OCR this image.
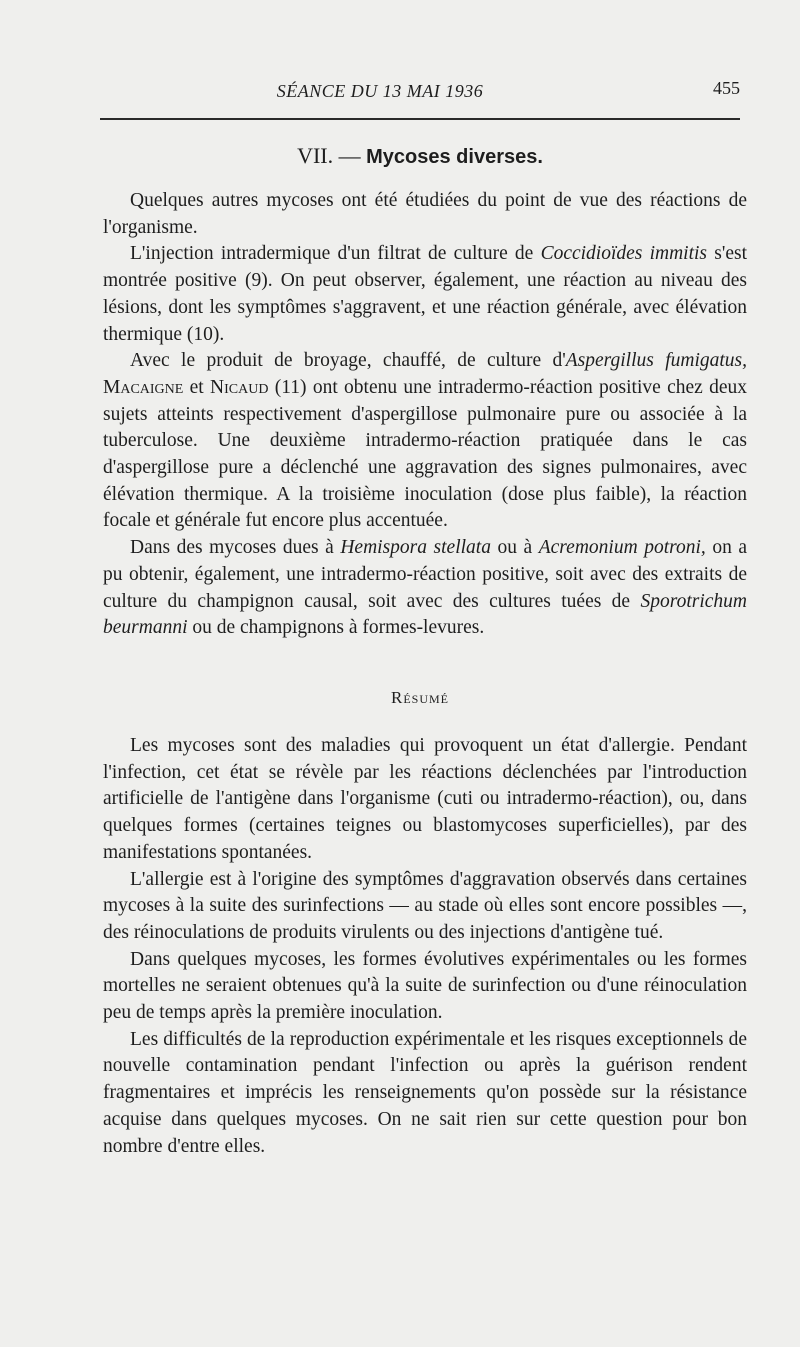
SÉANCE DU 13 MAI 1936	455
VII. — Mycoses diverses.

Quelques autres mycoses ont été étudiées du point de vue des réactions de l'organisme.

L'injection intradermique d'un filtrat de culture de Coccidioïdes immitis s'est montrée positive (9). On peut observer, également, une réaction au niveau des lésions, dont les symptômes s'aggravent, et une réaction générale, avec élévation thermique (10).

Avec le produit de broyage, chauffé, de culture d'Aspergillus fumigatus, Macaigne et Nicaud (11) ont obtenu une intradermo-réaction positive chez deux sujets atteints respectivement d'aspergillose pulmonaire pure ou associée à la tuberculose. Une deuxième intradermo-réaction pratiquée dans le cas d'aspergillose pure a déclenché une aggravation des signes pulmonaires, avec élévation thermique. A la troisième inoculation (dose plus faible), la réaction focale et générale fut encore plus accentuée.

Dans des mycoses dues à Hemispora stellata ou à Acremonium potroni, on a pu obtenir, également, une intradermo-réaction positive, soit avec des extraits de culture du champignon causal, soit avec des cultures tuées de Sporotrichum beurmanni ou de champignons à formes-levures.

Résumé

Les mycoses sont des maladies qui provoquent un état d'allergie. Pendant l'infection, cet état se révèle par les réactions déclenchées par l'introduction artificielle de l'antigène dans l'organisme (cuti ou intradermo-réaction), ou, dans quelques formes (certaines teignes ou blastomycoses superficielles), par des manifestations spontanées.

L'allergie est à l'origine des symptômes d'aggravation observés dans certaines mycoses à la suite des surinfections — au stade où elles sont encore possibles —, des réinoculations de produits virulents ou des injections d'antigène tué.

Dans quelques mycoses, les formes évolutives expérimentales ou les formes mortelles ne seraient obtenues qu'à la suite de surinfection ou d'une réinoculation peu de temps après la première inoculation.

Les difficultés de la reproduction expérimentale et les risques exceptionnels de nouvelle contamination pendant l'infection ou après la guérison rendent fragmentaires et imprécis les renseignements qu'on possède sur la résistance acquise dans quelques mycoses. On ne sait rien sur cette question pour bon nombre d'entre elles.
